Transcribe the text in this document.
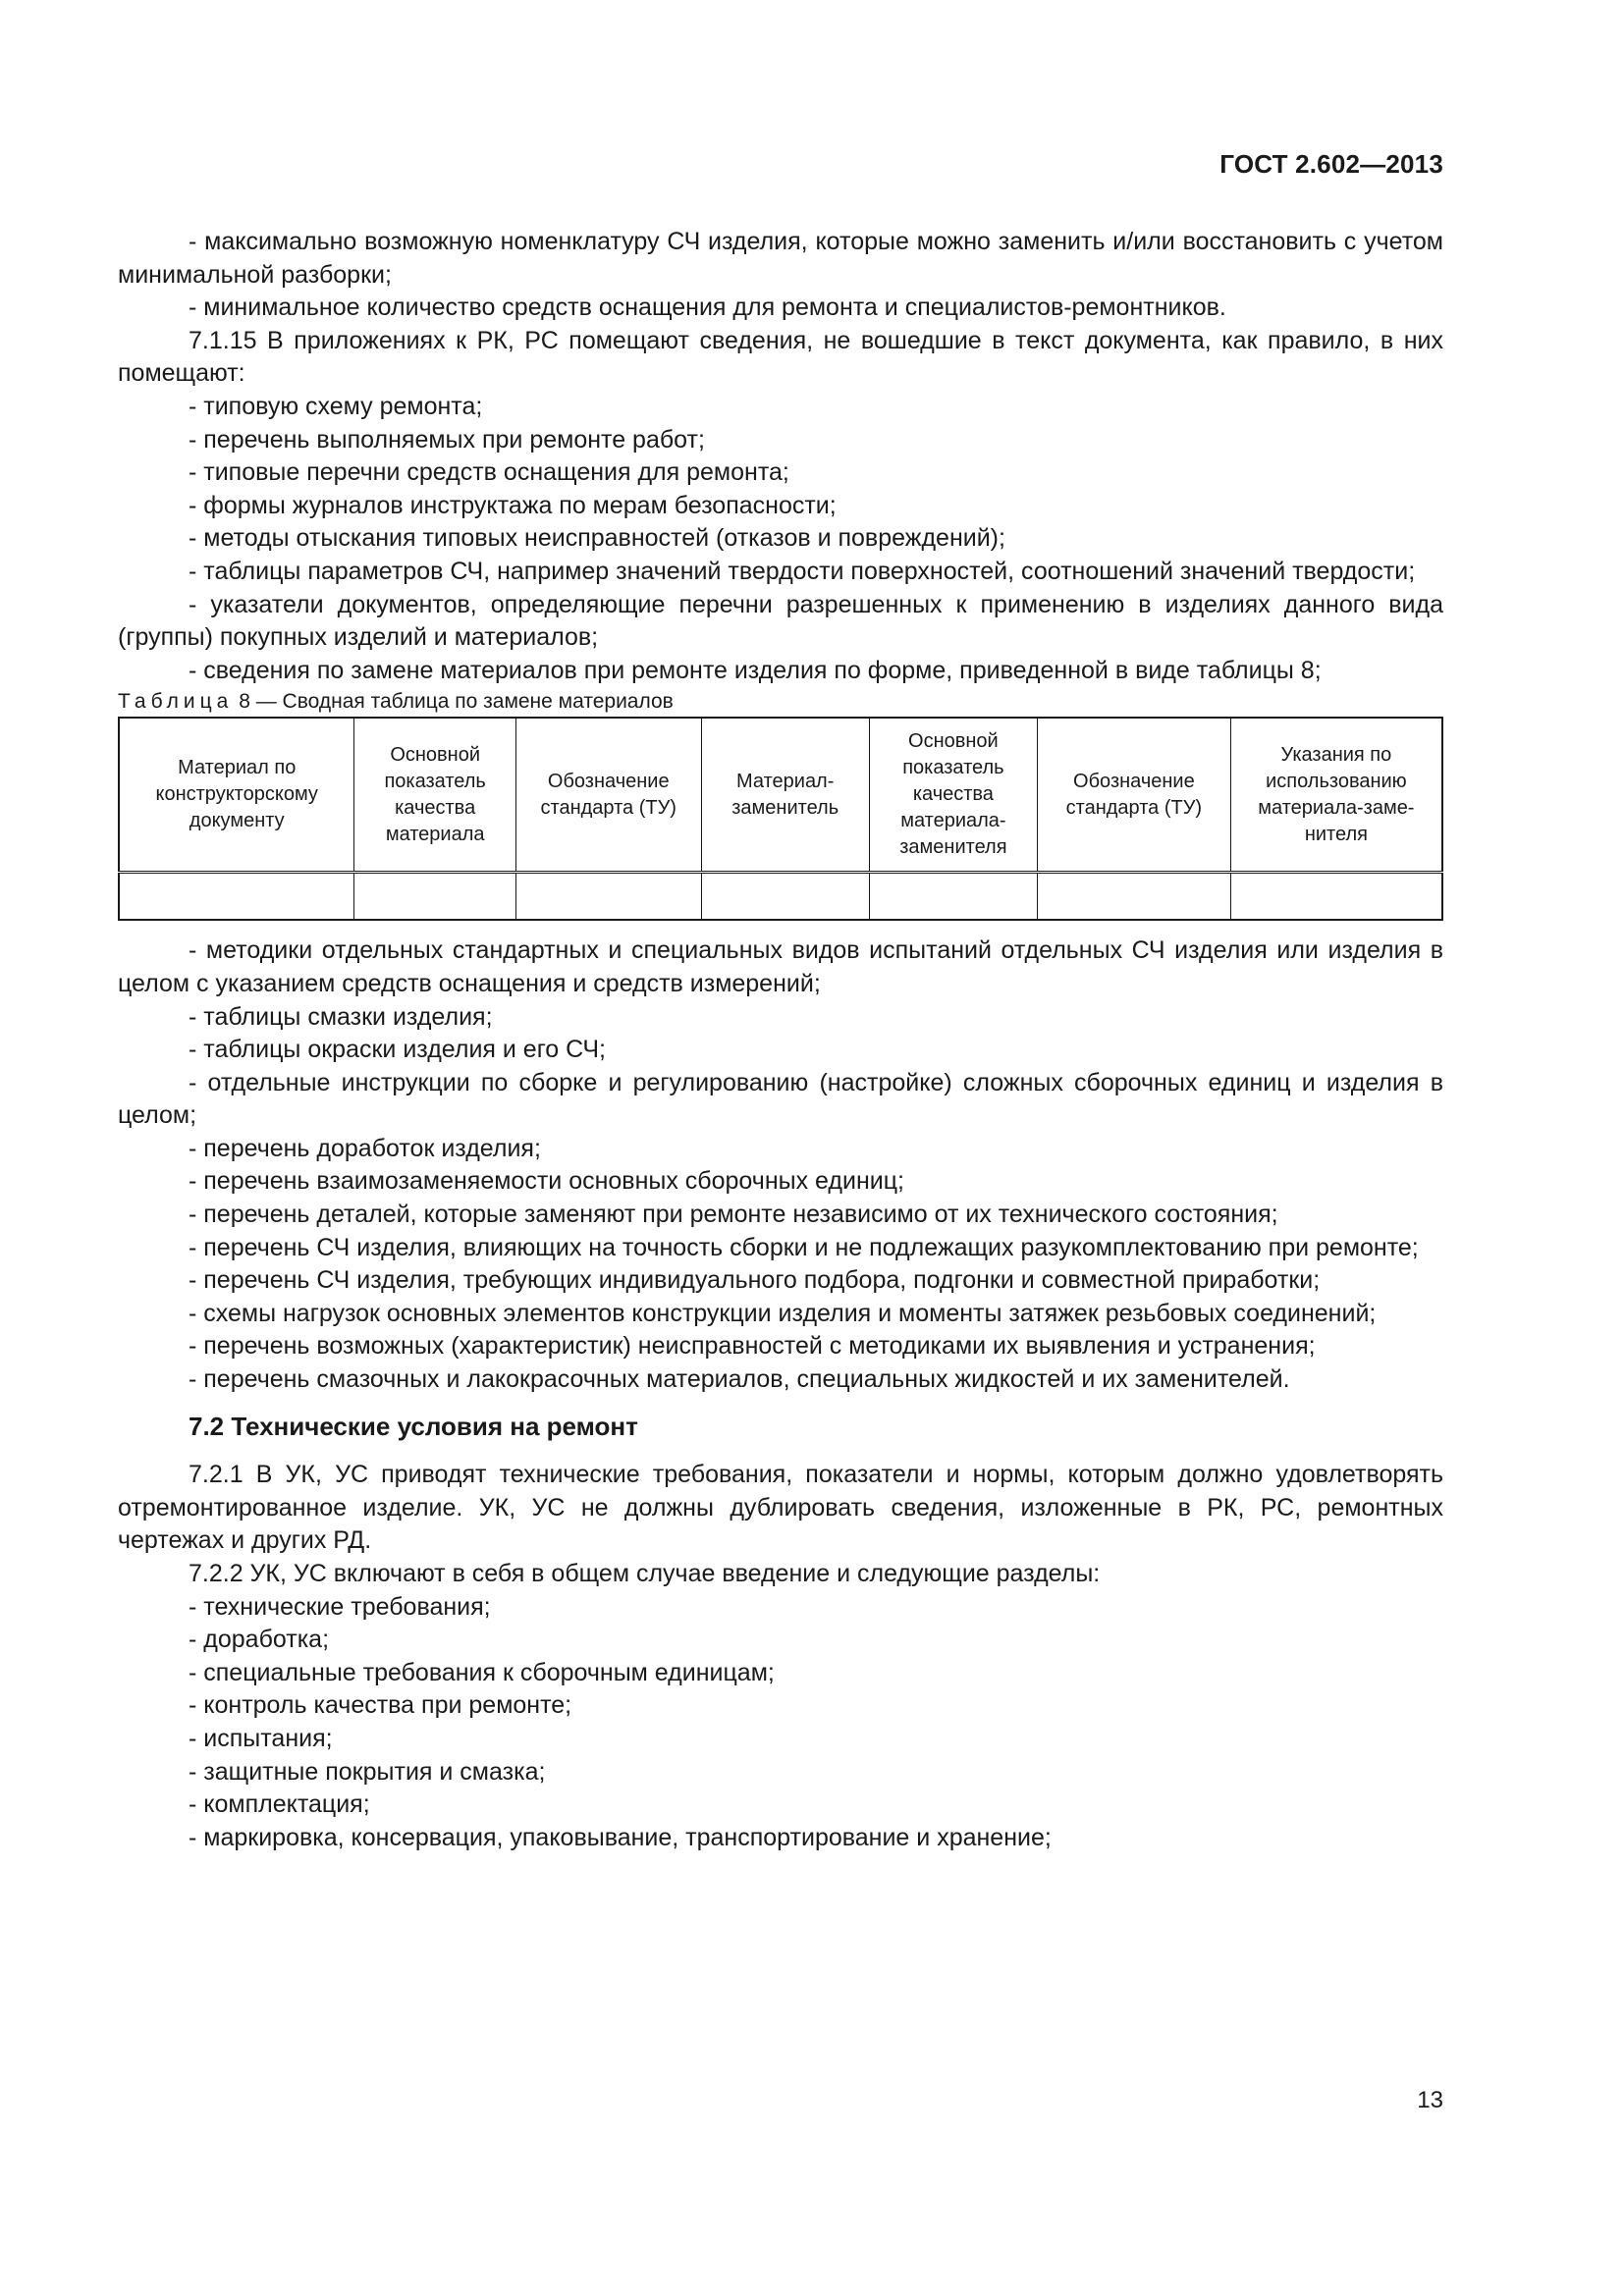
ГОСТ 2.602—2013

- максимально возможную номенклатуру СЧ изделия, которые можно заменить и/или восстановить с учетом минимальной разборки;

- минимальное количество средств оснащения для ремонта и специалистов-ремонтников.

7.1.15 В приложениях к РК, РС помещают сведения, не вошедшие в текст документа, как правило, в них помещают:

- типовую схему ремонта;

- перечень выполняемых при ремонте работ;

- типовые перечни средств оснащения для ремонта;

- формы журналов инструктажа по мерам безопасности;

- методы отыскания типовых неисправностей (отказов и повреждений);

- таблицы параметров СЧ, например значений твердости поверхностей, соотношений значений твердости;

- указатели документов, определяющие перечни разрешенных к применению в изделиях данного вида (группы) покупных изделий и материалов;

- сведения по замене материалов при ремонте изделия по форме, приведенной в виде таблицы 8;

Таблица 8 — Сводная таблица по замене материалов

Материал по
конструкторскому
документу	Основной
показатель
качества
материала	Обозначение
стандарта (ТУ)	Материал-
заменитель	Основной
показатель
качества
материала-
заменителя	Обозначение
стандарта (ТУ)	Указания по
использованию
материала-заме-
нителя

- методики отдельных стандартных и специальных видов испытаний отдельных СЧ изделия или изделия в целом с указанием средств оснащения и средств измерений;

- таблицы смазки изделия;

- таблицы окраски изделия и его СЧ;

- отдельные инструкции по сборке и регулированию (настройке) сложных сборочных единиц и изделия в целом;

- перечень доработок изделия;

- перечень взаимозаменяемости основных сборочных единиц;

- перечень деталей, которые заменяют при ремонте независимо от их технического состояния;

- перечень СЧ изделия, влияющих на точность сборки и не подлежащих разукомплектованию при ремонте;

- перечень СЧ изделия, требующих индивидуального подбора, подгонки и совместной приработки;

- схемы нагрузок основных элементов конструкции изделия и моменты затяжек резьбовых соединений;

- перечень возможных (характеристик) неисправностей с методиками их выявления и устранения;

- перечень смазочных и лакокрасочных материалов, специальных жидкостей и их заменителей.

7.2 Технические условия на ремонт

7.2.1 В УК, УС приводят технические требования, показатели и нормы, которым должно удовлетворять отремонтированное изделие. УК, УС не должны дублировать сведения, изложенные в РК, РС, ремонтных чертежах и других РД.

7.2.2 УК, УС включают в себя в общем случае введение и следующие разделы:

- технические требования;

- доработка;

- специальные требования к сборочным единицам;

- контроль качества при ремонте;

- испытания;

- защитные покрытия и смазка;

- комплектация;

- маркировка, консервация, упаковывание, транспортирование и хранение;

13
